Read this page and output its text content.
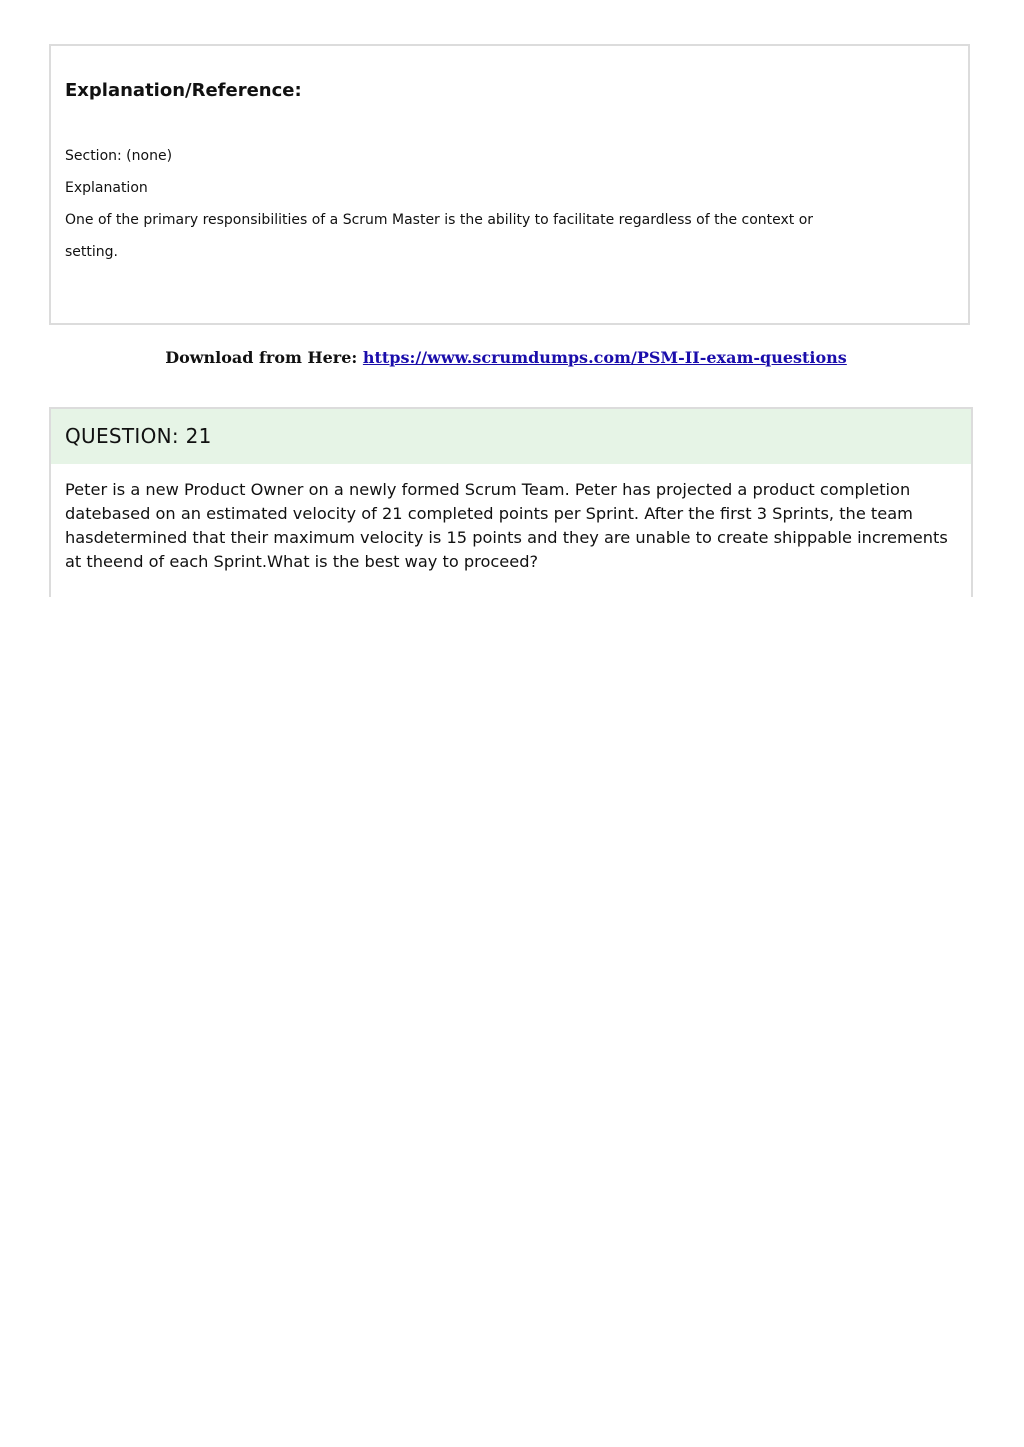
Explanation/Reference:
Section: (none)
Explanation
One of the primary responsibilities of a Scrum Master is the ability to facilitate regardless of the context or
setting.
Download from Here: https://www.scrumdumps.com/PSM-II-exam-questions
QUESTION: 21
Peter is a new Product Owner on a newly formed Scrum Team. Peter has projected a product completion datebased on an estimated velocity of 21 completed points per Sprint. After the first 3 Sprints, the team hasdetermined that their maximum velocity is 15 points and they are unable to create shippable increments at theend of each Sprint.What is the best way to proceed?
